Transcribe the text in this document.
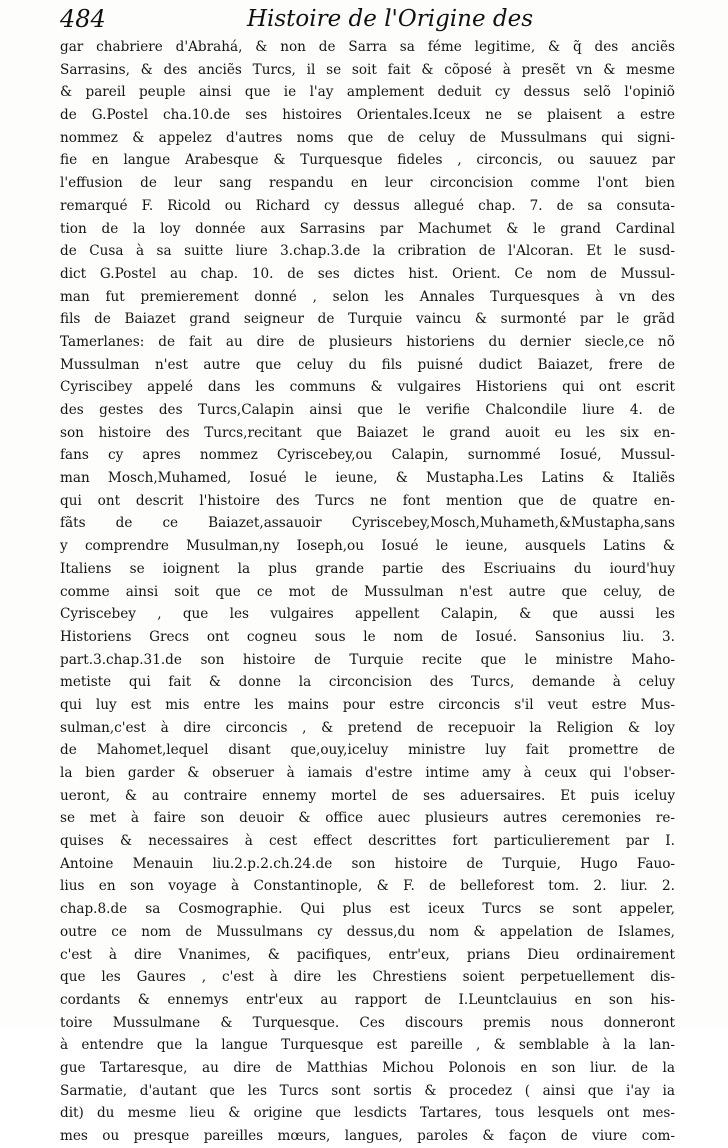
484	Histoire de l'Origine des
gar chabriere d'Abrahá, & non de Sarra sa féme legitime, & q̃ des anciẽs
Sarrasins, & des anciẽs Turcs, il se soit fait & cõposé à presẽt vn & mesme
& pareil peuple ainsi que ie l'ay amplement deduit cy dessus selõ l'opiniõ
de G.Postel cha.10.de ses histoires Orientales.Iceux ne se plaisent a estre
nommez & appelez d'autres noms que de celuy de Mussulmans qui signi-
fie en langue Arabesque & Turquesque fideles , circoncis, ou sauuez par
l'effusion de leur sang respandu en leur circoncision comme l'ont bien
remarqué F. Ricold ou Richard cy dessus allegué chap. 7. de sa consuta-
tion de la loy donnée aux Sarrasins par Machumet & le grand Cardinal
de Cusa à sa suitte liure 3.chap.3.de la cribration de l'Alcoran. Et le susd-
dict G.Postel au chap. 10. de ses dictes hist. Orient. Ce nom de Mussul-
man fut premierement donné , selon les Annales Turquesques à vn des
fils de Baiazet grand seigneur de Turquie vaincu & surmonté par le grãd
Tamerlanes: de fait au dire de plusieurs historiens du dernier siecle,ce nõ
Mussulman n'est autre que celuy du fils puisné dudict Baiazet, frere de
Cyriscibey appelé dans les communs & vulgaires Historiens qui ont escrit
des gestes des Turcs,Calapin ainsi que le verifie Chalcondile liure 4. de
son histoire des Turcs,recitant que Baiazet le grand auoit eu les six en-
fans cy apres nommez Cyriscebey,ou Calapin, surnommé Iosué, Mussul-
man Mosch,Muhamed, Iosué le ieune, & Mustapha.Les Latins & Italiẽs
qui ont descrit l'histoire des Turcs ne font mention que de quatre en-
fãts de ce Baiazet,assauoir Cyriscebey,Mosch,Muhameth,&Mustapha,sans
y comprendre Musulman,ny Ioseph,ou Iosué le ieune, ausquels Latins &
Italiens se ioignent la plus grande partie des Escriuains du iourd'huy
comme ainsi soit que ce mot de Mussulman n'est autre que celuy, de
Cyriscebey , que les vulgaires appellent Calapin, & que aussi les
Historiens Grecs ont cogneu sous le nom de Iosué. Sansonius liu. 3.
part.3.chap.31.de son histoire de Turquie recite que le ministre Maho-
metiste qui fait & donne la circoncision des Turcs, demande à celuy
qui luy est mis entre les mains pour estre circoncis s'il veut estre Mus-
sulman,c'est à dire circoncis , & pretend de recepuoir la Religion & loy
de Mahomet,lequel disant que,ouy,iceluy ministre luy fait promettre de
la bien garder & obseruer à iamais d'estre intime amy à ceux qui l'obser-
ueront, & au contraire ennemy mortel de ses aduersaires. Et puis iceluy
se met à faire son deuoir & office auec plusieurs autres ceremonies re-
quises & necessaires à cest effect descrittes fort particulierement par I.
Antoine Menauin liu.2.p.2.ch.24.de son histoire de Turquie, Hugo Fauo-
lius en son voyage à Constantinople, & F. de belleforest tom. 2. liur. 2.
chap.8.de sa Cosmographie. Qui plus est iceux Turcs se sont appeler,
outre ce nom de Mussulmans cy dessus,du nom & appelation de Islames,
c'est à dire Vnanimes, & pacifiques, entr'eux, prians Dieu ordinairement
que les Gaures , c'est à dire les Chrestiens soient perpetuellement dis-
cordants & ennemys entr'eux au rapport de I.Leuntclauius en son his-
toire Mussulmane & Turquesque. Ces discours premis nous donneront
à entendre que la langue Turquesque est pareille , & semblable à la lan-
gue Tartaresque, au dire de Matthias Michou Polonois en son liur. de la
Sarmatie, d'autant que les Turcs sont sortis & procedez ( ainsi que i'ay ia
dit) du mesme lieu & origine que lesdicts Tartares, tous lesquels ont mes-
mes ou presque pareilles mœurs, langues, paroles & façon de viure com-
